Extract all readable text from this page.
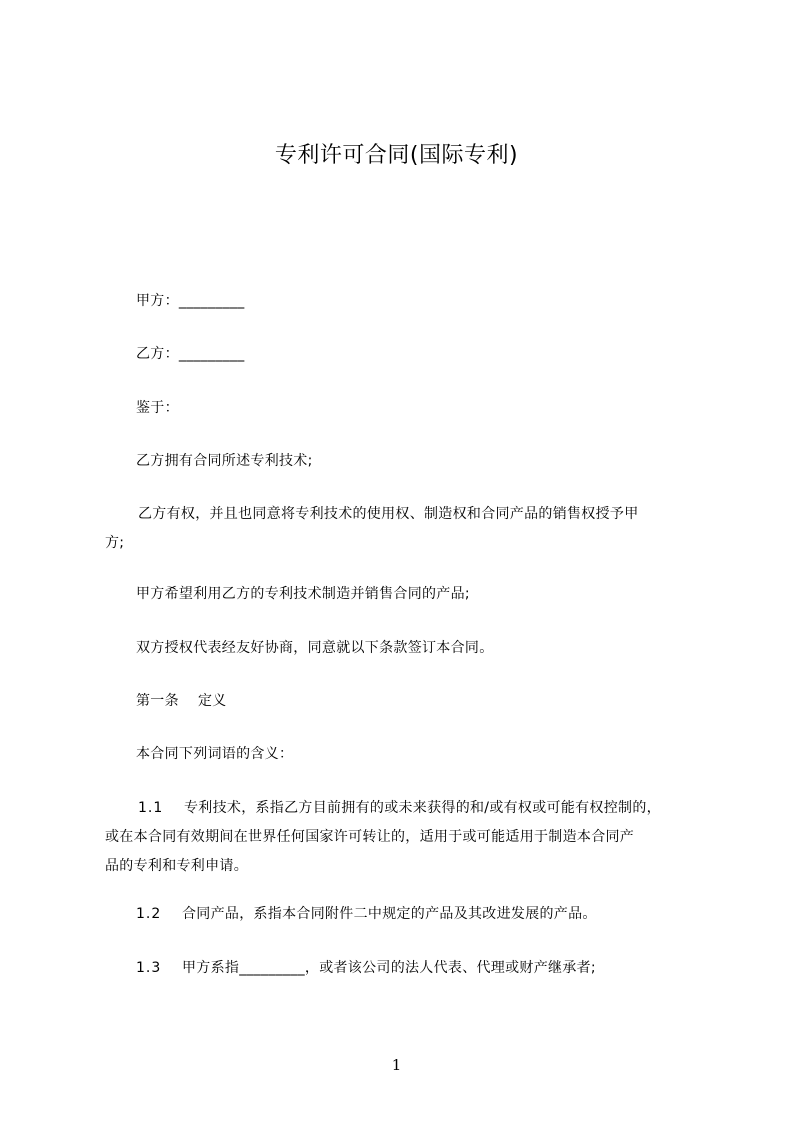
专利许可合同(国际专利)
甲方：_________
乙方：_________
鉴于：
乙方拥有合同所述专利技术;
乙方有权，并且也同意将专利技术的使用权、制造权和合同产品的销售权授予甲
方;
甲方希望利用乙方的专利技术制造并销售合同的产品;
双方授权代表经友好协商，同意就以下条款签订本合同。
第一条　 定义
本合同下列词语的含义：
1.1 专利技术，系指乙方目前拥有的或未来获得的和/或有权或可能有权控制的，
或在本合同有效期间在世界任何国家许可转让的，适用于或可能适用于制造本合同产
品的专利和专利申请。
1.2 合同产品，系指本合同附件二中规定的产品及其改进发展的产品。
1.3 甲方系指_________，或者该公司的法人代表、代理或财产继承者;
1
